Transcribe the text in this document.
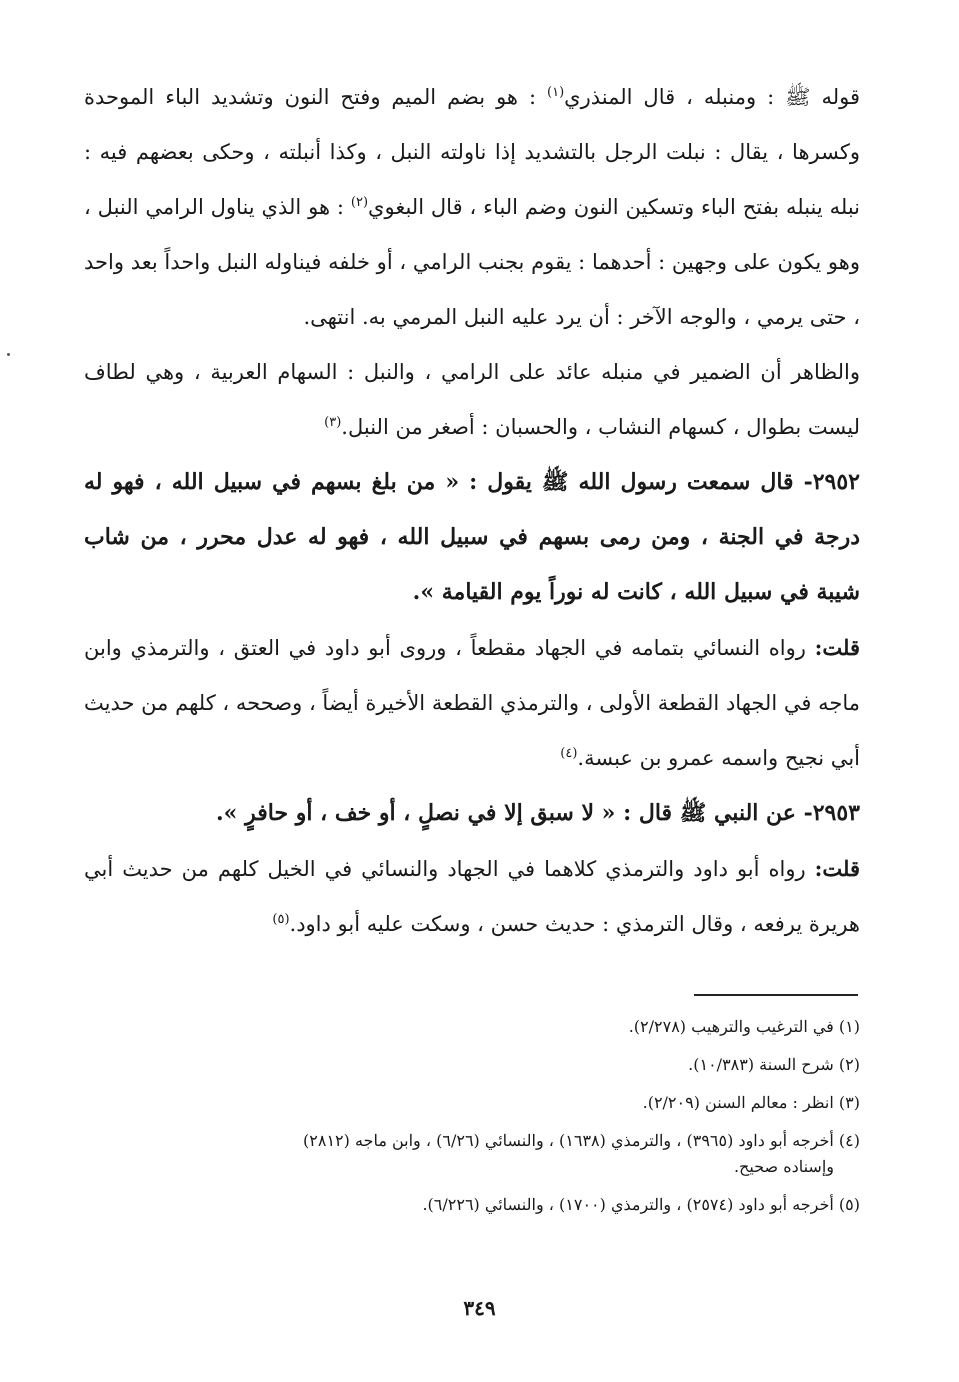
قوله ﷺ : ومنبله ، قال المنذري$^{(١)}$ : هو بضم الميم وفتح النون وتشديد الباء الموحدة وكسرها ، يقال : نبلت الرجل بالتشديد إذا ناولته النبل ، وكذا أنبلته ، وحكى بعضهم فيه : نبله ينبله بفتح الباء وتسكين النون وضم الباء ، قال البغوي$^{(٢)}$ : هو الذي يناول الرامي النبل ، وهو يكون على وجهين : أحدهما : يقوم بجنب الرامي ، أو خلفه فيناوله النبل واحداً بعد واحد ، حتى يرمي ، والوجه الآخر : أن يرد عليه النبل المرمي به. انتهى.

والظاهر أن الضمير في منبله عائد على الرامي ، والنبل : السهام العربية ، وهي لطاف ليست بطوال ، كسهام النشاب ، والحسبان : أصغر من النبل.$^{(٣)}$

٢٩٥٢- قال سمعت رسول الله ﷺ يقول : « من بلغ بسهم في سبيل الله ، فهو له درجة في الجنة ، ومن رمى بسهم في سبيل الله ، فهو له عدل محرر ، من شاب شيبة في سبيل الله ، كانت له نوراً يوم القيامة ».

قلت: رواه النسائي بتمامه في الجهاد مقطعاً ، وروى أبو داود في العتق ، والترمذي وابن ماجه في الجهاد القطعة الأولى ، والترمذي القطعة الأخيرة أيضاً ، وصححه ، كلهم من حديث أبي نجيح واسمه عمرو بن عبسة.$^{(٤)}$

٢٩٥٣- عن النبي ﷺ قال : « لا سبق إلا في نصلٍ ، أو خف ، أو حافرٍ ».

قلت: رواه أبو داود والترمذي كلاهما في الجهاد والنسائي في الخيل كلهم من حديث أبي هريرة يرفعه ، وقال الترمذي : حديث حسن ، وسكت عليه أبو داود.$^{(٥)}$

(١) في الترغيب والترهيب (٢/٢٧٨).

(٢) شرح السنة (١٠/٣٨٣).

(٣) انظر : معالم السنن (٢/٢٠٩).

(٤) أخرجه أبو داود (٣٩٦٥) ، والترمذي (١٦٣٨) ، والنسائي (٦/٢٦) ، وابن ماجه (٢٨١٢)
وإسناده صحيح.

(٥) أخرجه أبو داود (٢٥٧٤) ، والترمذي (١٧٠٠) ، والنسائي (٦/٢٢٦).

٣٤٩
